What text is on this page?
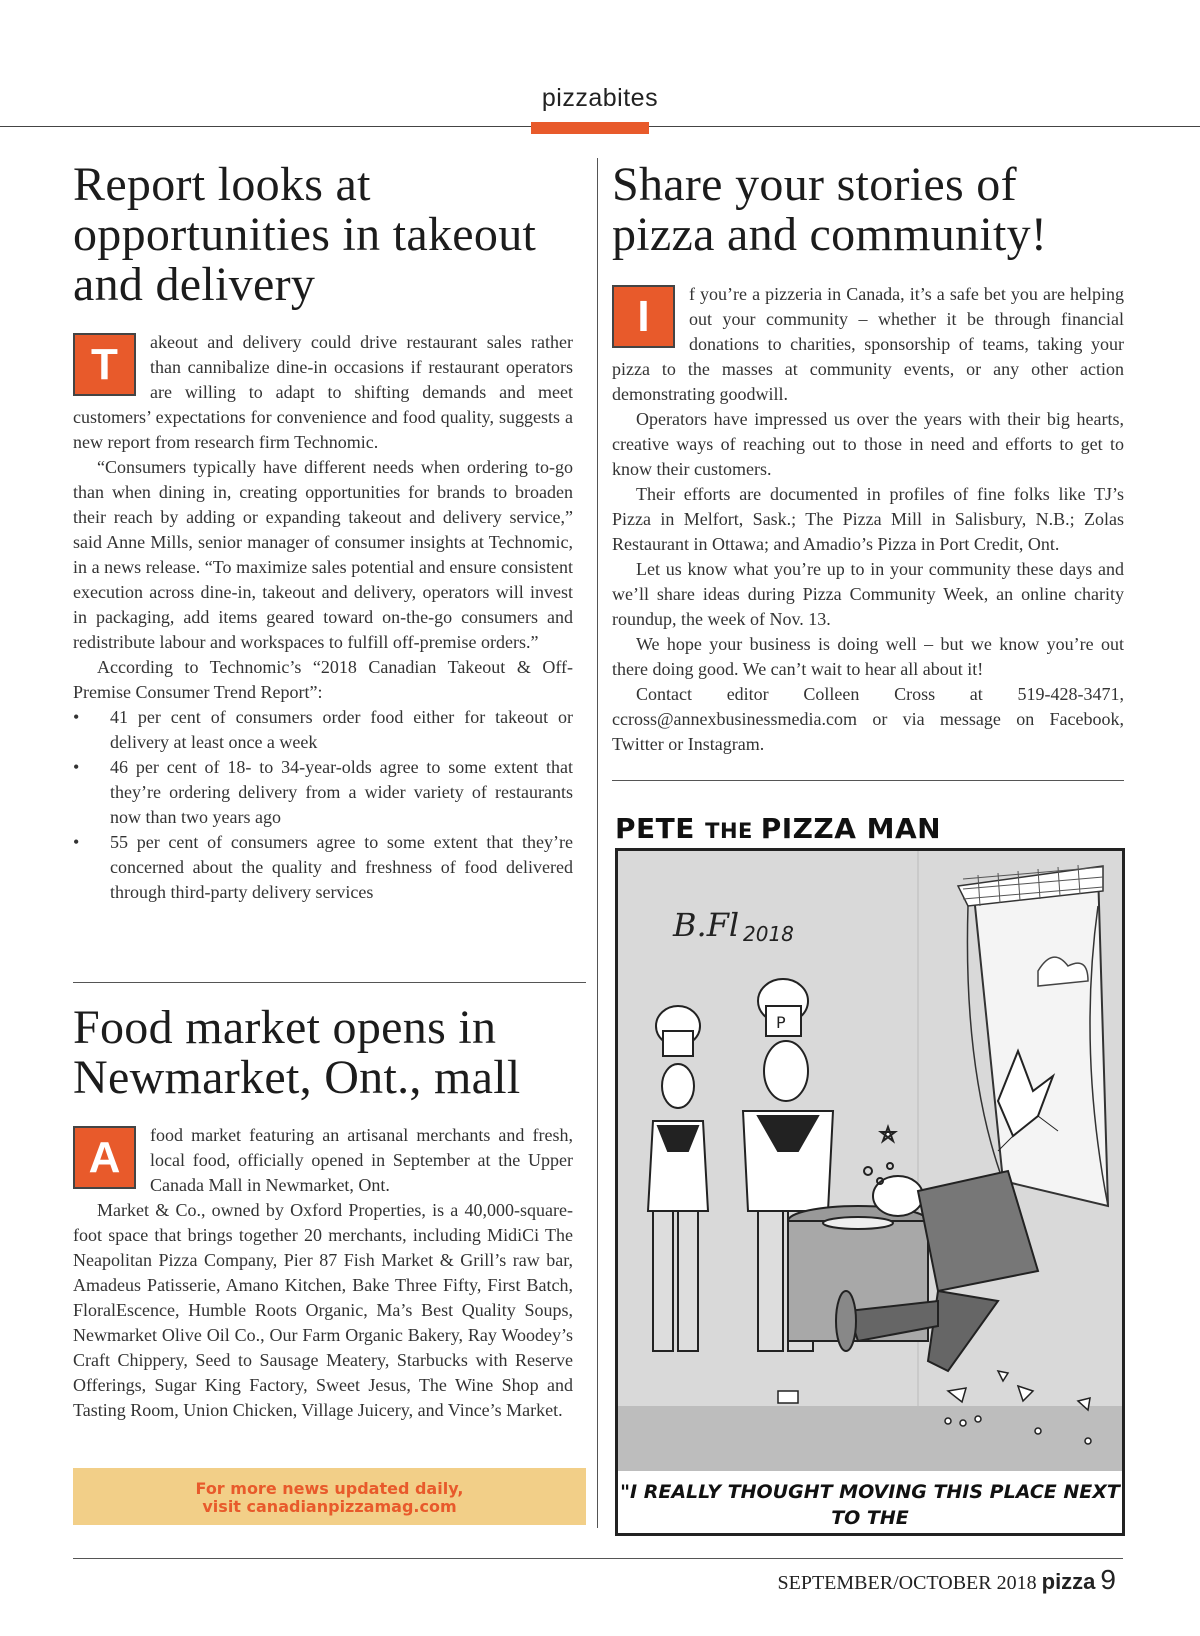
pizzabites
Report looks at opportunities in takeout and delivery

T	akeout and delivery could drive restaurant sales rather than cannibalize dine-in occasions if restaurant operators are willing to adapt to shifting demands and meet customers’ expectations for convenience and food quality, suggests a new report from research firm Technomic.

“Consumers typically have different needs when ordering to-go than when dining in, creating opportunities for brands to broaden their reach by adding or expanding takeout and delivery service,” said Anne Mills, senior manager of consumer insights at Technomic, in a news release. “To maximize sales potential and ensure consistent execution across dine-in, takeout and delivery, operators will invest in packaging, add items geared toward on-the-go consumers and redistribute labour and workspaces to fulfill off-premise orders.”

According to Technomic’s “2018 Canadian Takeout & Off-Premise Consumer Trend Report”:

• 41 per cent of consumers order food either for takeout or delivery at least once a week
• 46 per cent of 18- to 34-year-olds agree to some extent that they’re ordering delivery from a wider variety of restaurants now than two years ago
• 55 per cent of consumers agree to some extent that they’re concerned about the quality and freshness of food delivered through third-party delivery services
Food market opens in Newmarket, Ont., mall

A	food market featuring an artisanal merchants and fresh, local food, officially opened in September at the Upper Canada Mall in Newmarket, Ont.

Market & Co., owned by Oxford Properties, is a 40,000-square-foot space that brings together 20 merchants, including MidiCi The Neapolitan Pizza Company, Pier 87 Fish Market & Grill’s raw bar, Amadeus Patisserie, Amano Kitchen, Bake Three Fifty, First Batch, FloralEscence, Humble Roots Organic, Ma’s Best Quality Soups, Newmarket Olive Oil Co., Our Farm Organic Bakery, Ray Woodey’s Craft Chippery, Seed to Sausage Meatery, Starbucks with Reserve Offerings, Sugar King Factory, Sweet Jesus, The Wine Shop and Tasting Room, Union Chicken, Village Juicery, and Vince’s Market.

For more news updated daily,
visit canadianpizzamag.com
Share your stories of pizza and community!

I	f you’re a pizzeria in Canada, it’s a safe bet you are helping out your community – whether it be through financial donations to charities, sponsorship of teams, taking your pizza to the masses at community events, or any other action demonstrating goodwill.

Operators have impressed us over the years with their big hearts, creative ways of reaching out to those in need and efforts to get to know their customers.

Their efforts are documented in profiles of fine folks like TJ’s Pizza in Melfort, Sask.; The Pizza Mill in Salisbury, N.B.; Zolas Restaurant in Ottawa; and Amadio’s Pizza in Port Credit, Ont.

Let us know what you’re up to in your community these days and we’ll share ideas during Pizza Community Week, an online charity roundup, the week of Nov. 13.

We hope your business is doing well – but we know you’re out there doing good. We can’t wait to hear all about it!

Contact editor Colleen Cross at 519-428-3471, ccross@annexbusinessmedia.com or via message on Facebook, Twitter or Instagram.

PETE THE PIZZA MAN
B.Fl 2018
P
"I REALLY THOUGHT MOVING THIS PLACE NEXT TO THE
SEPTEMBER/OCTOBER 2018 pizza 9
